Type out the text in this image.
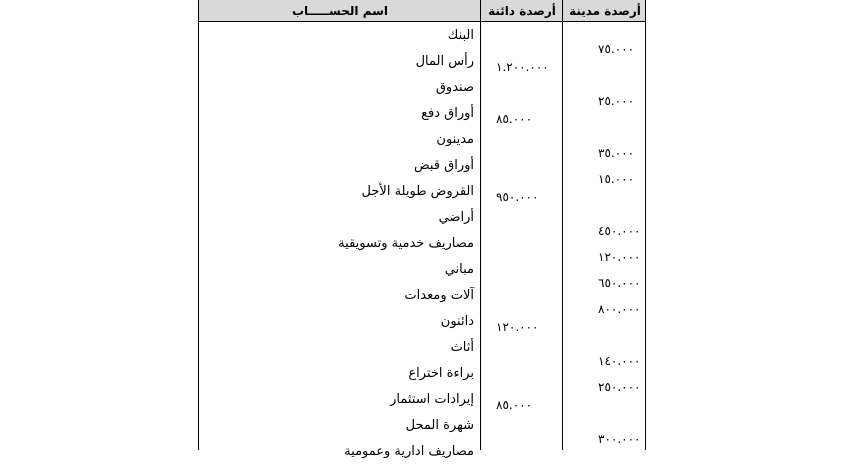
أرصدة مدينة
أرصدة دائنة
اسم الحســـــاب
البنك
٧٥.٠٠٠
رأس المال ١.٢٠٠.٠٠٠
صندوق
٢٥.٠٠٠
أوراق دفع ٨٥.٠٠٠
مدينون
٣٥.٠٠٠
أوراق قبض
١٥.٠٠٠
القروض طويلة الأجل ٩٥٠.٠٠٠
أراضي
٤٥٠.٠٠٠
مصاريف خدمية وتسويقية
١٢٠.٠٠٠
مباني
٦٥٠.٠٠٠
آلات ومعدات
٨٠٠.٠٠٠
دائنون ١٢٠.٠٠٠
أثاث
١٤٠.٠٠٠
براءة اختراع
٢٥٠.٠٠٠
إيرادات استثمار ٨٥.٠٠٠
شهرة المحل
٣٠٠.٠٠٠
مصاريف ادارية وعمومية
